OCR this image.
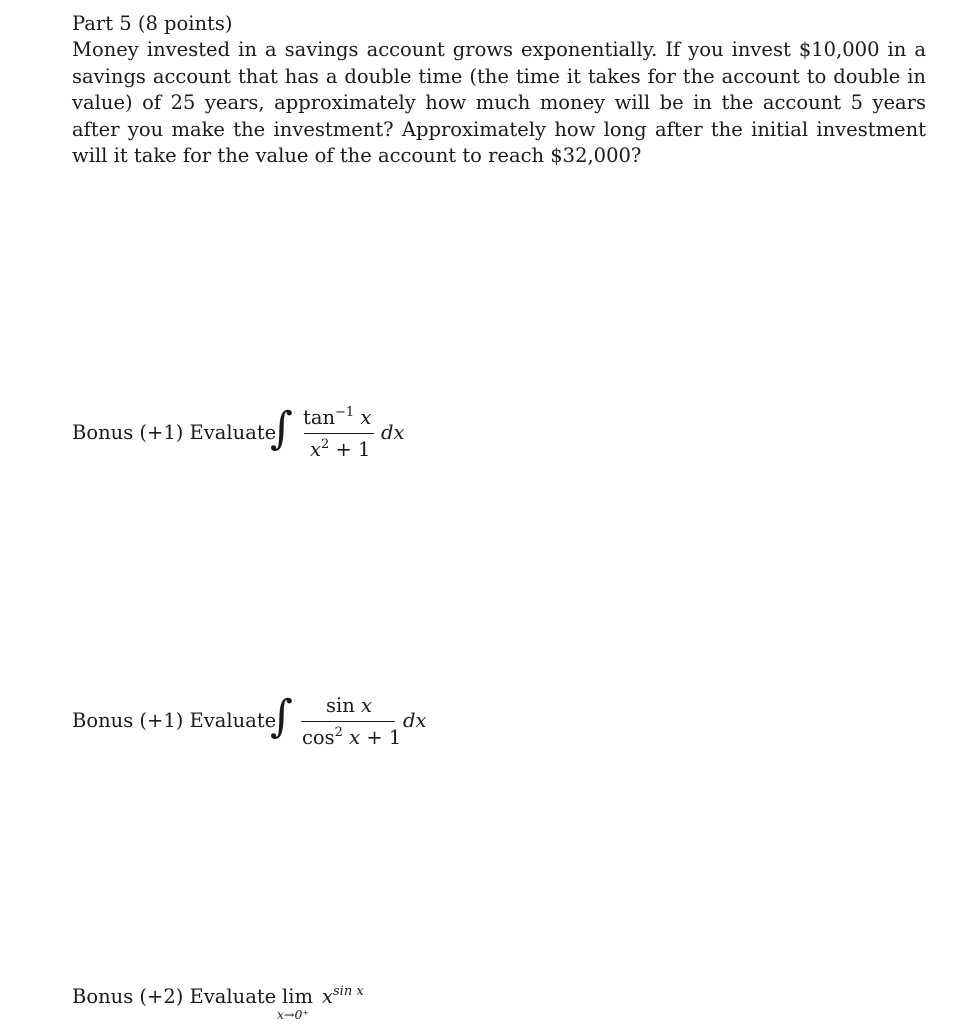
Part 5 (8 points)
Money invested in a savings account grows exponentially. If you invest $10,000 in a savings account that has a double time (the time it takes for the account to double in value) of 25 years, approximately how much money will be in the account 5 years after you make the investment? Approximately how long after the initial investment will it take for the value of the account to reach $32,000?
Bonus (+1) Evaluate
∫ $\tan^{-1} x$
$x^2 + 1$
dx
Bonus (+1) Evaluate
∫ sin x
$\cos^2 x + 1$
dx
Bonus (+2) Evaluate lim
x→0⁺
$x^{sin x}$
